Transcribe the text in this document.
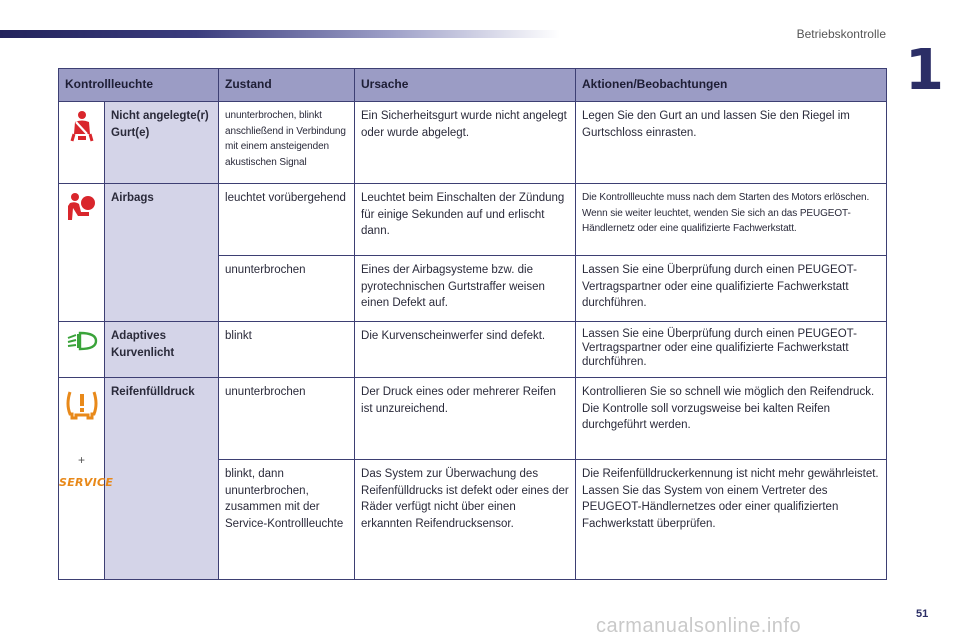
Betriebskontrolle
1
Kontrollleuchte		Zustand	Ursache	Aktionen/Beobachtungen
	Nicht angelegte(r) Gurt(e)	ununterbrochen, blinkt anschließend in Verbindung mit einem ansteigenden akustischen Signal	Ein Sicherheitsgurt wurde nicht angelegt oder wurde abgelegt.	Legen Sie den Gurt an und lassen Sie den Riegel im Gurtschloss einrasten.
	Airbags	leuchtet vorübergehend	Leuchtet beim Einschalten der Zündung für einige Sekunden auf und erlischt dann.	Die Kontrollleuchte muss nach dem Starten des Motors erlöschen.
Wenn sie weiter leuchtet, wenden Sie sich an das PEUGEOT-Händlernetz oder eine qualifizierte Fachwerkstatt.
		ununterbrochen	Eines der Airbagsysteme bzw. die pyrotechnischen Gurtstraffer weisen einen Defekt auf.	Lassen Sie eine Überprüfung durch einen PEUGEOT-Vertragspartner oder eine qualifizierte Fachwerkstatt durchführen.
	Adaptives Kurvenlicht	blinkt	Die Kurvenscheinwerfer sind defekt.	Lassen Sie eine Überprüfung durch einen PEUGEOT-Vertragspartner oder eine qualifizierte Fachwerkstatt durchführen.

+
SERVICE	Reifenfülldruck	ununterbrochen	Der Druck eines oder mehrerer Reifen ist unzureichend.	Kontrollieren Sie so schnell wie möglich den Reifendruck.
Die Kontrolle soll vorzugsweise bei kalten Reifen durchgeführt werden.
		blinkt, dann ununterbrochen, zusammen mit der Service-Kontrollleuchte	Das System zur Überwachung des Reifenfülldrucks ist defekt oder eines der Räder verfügt nicht über einen erkannten Reifendrucksensor.	Die Reifenfülldruckerkennung ist nicht mehr gewährleistet.
Lassen Sie das System von einem Vertreter des PEUGEOT-Händlernetzes oder einer qualifizierten Fachwerkstatt überprüfen.
51
carmanualsonline.info
